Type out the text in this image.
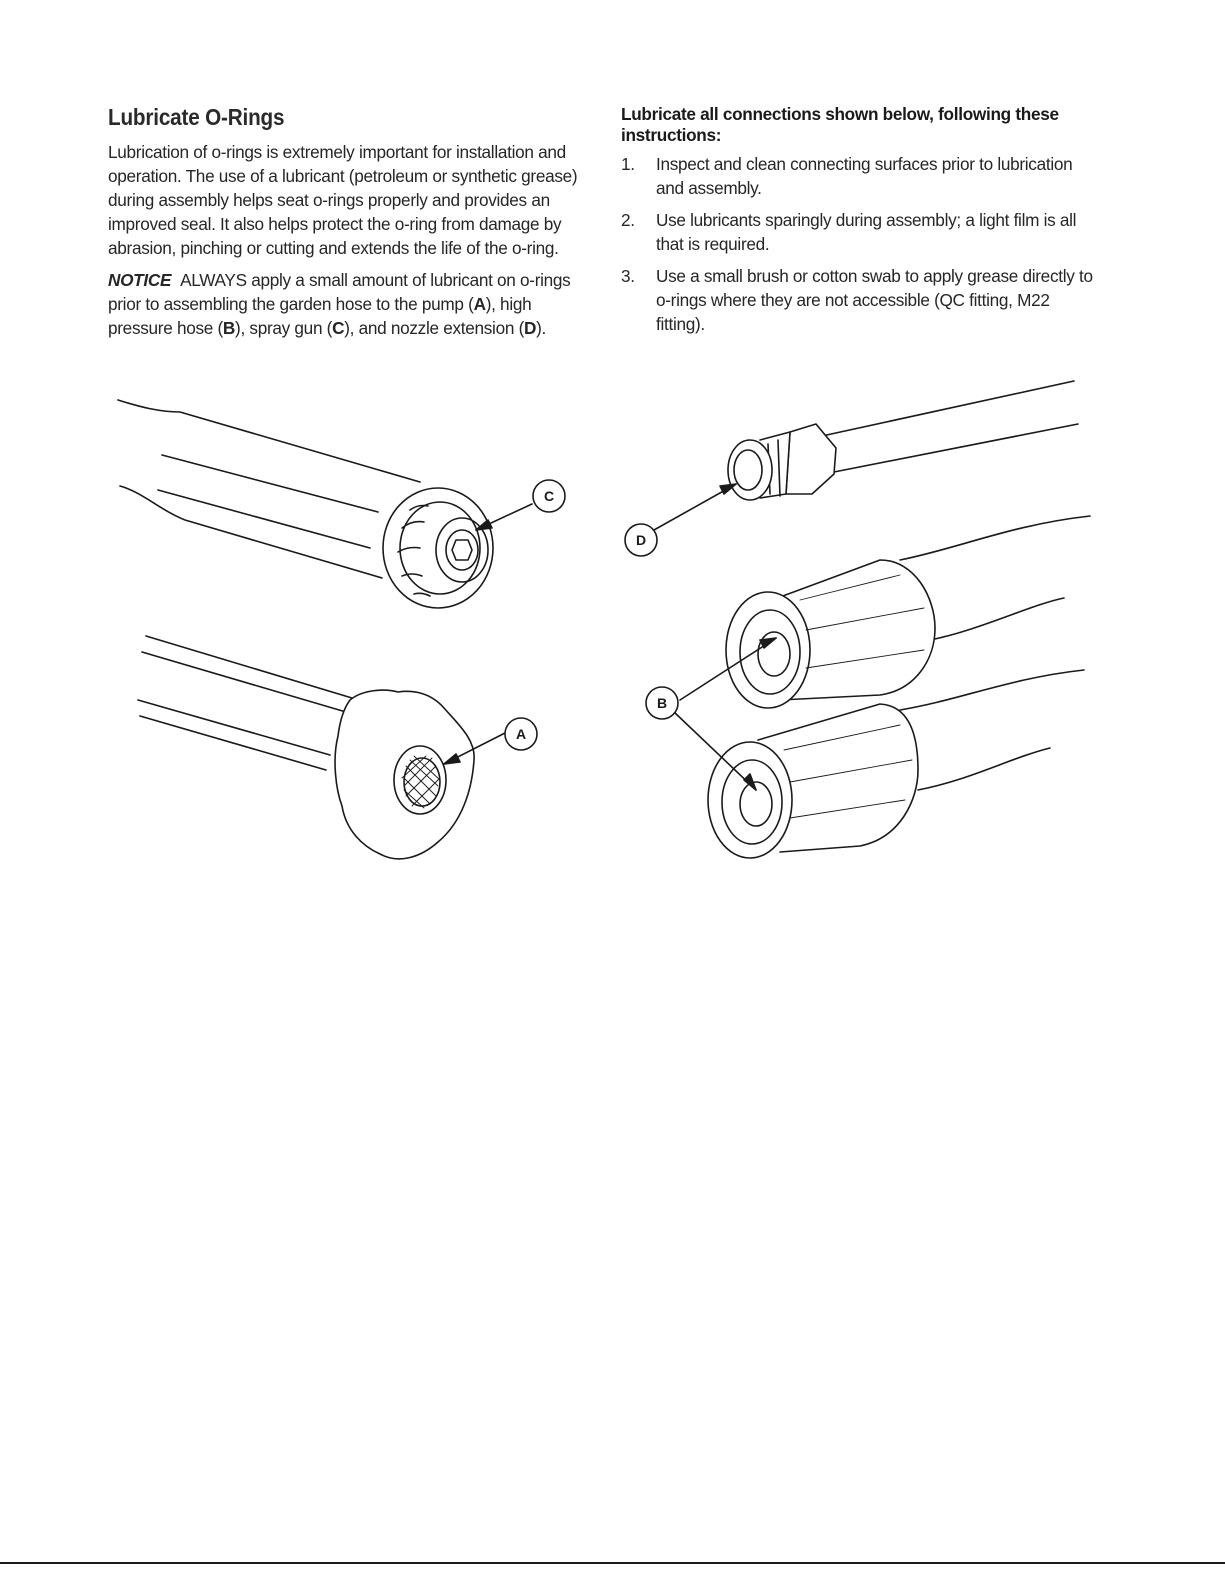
Lubricate O-Rings

Lubrication of o-rings is extremely important for installation and operation. The use of a lubricant (petroleum or synthetic grease) during assembly helps seat o-rings properly and provides an improved seal. It also helps protect the o-ring from damage by abrasion, pinching or cutting and extends the life of the o-ring.

NOTICE ALWAYS apply a small amount of lubricant on o-rings prior to assembling the garden hose to the pump (A), high pressure hose (B), spray gun (C), and nozzle extension (D).

Lubricate all connections shown below, following these instructions:
1. Inspect and clean connecting surfaces prior to lubrication and assembly.
2. Use lubricants sparingly during assembly; a light film is all that is required.
3. Use a small brush or cotton swab to apply grease directly to o-rings where they are not accessible (QC fitting, M22 fitting).
C
A
D
B
